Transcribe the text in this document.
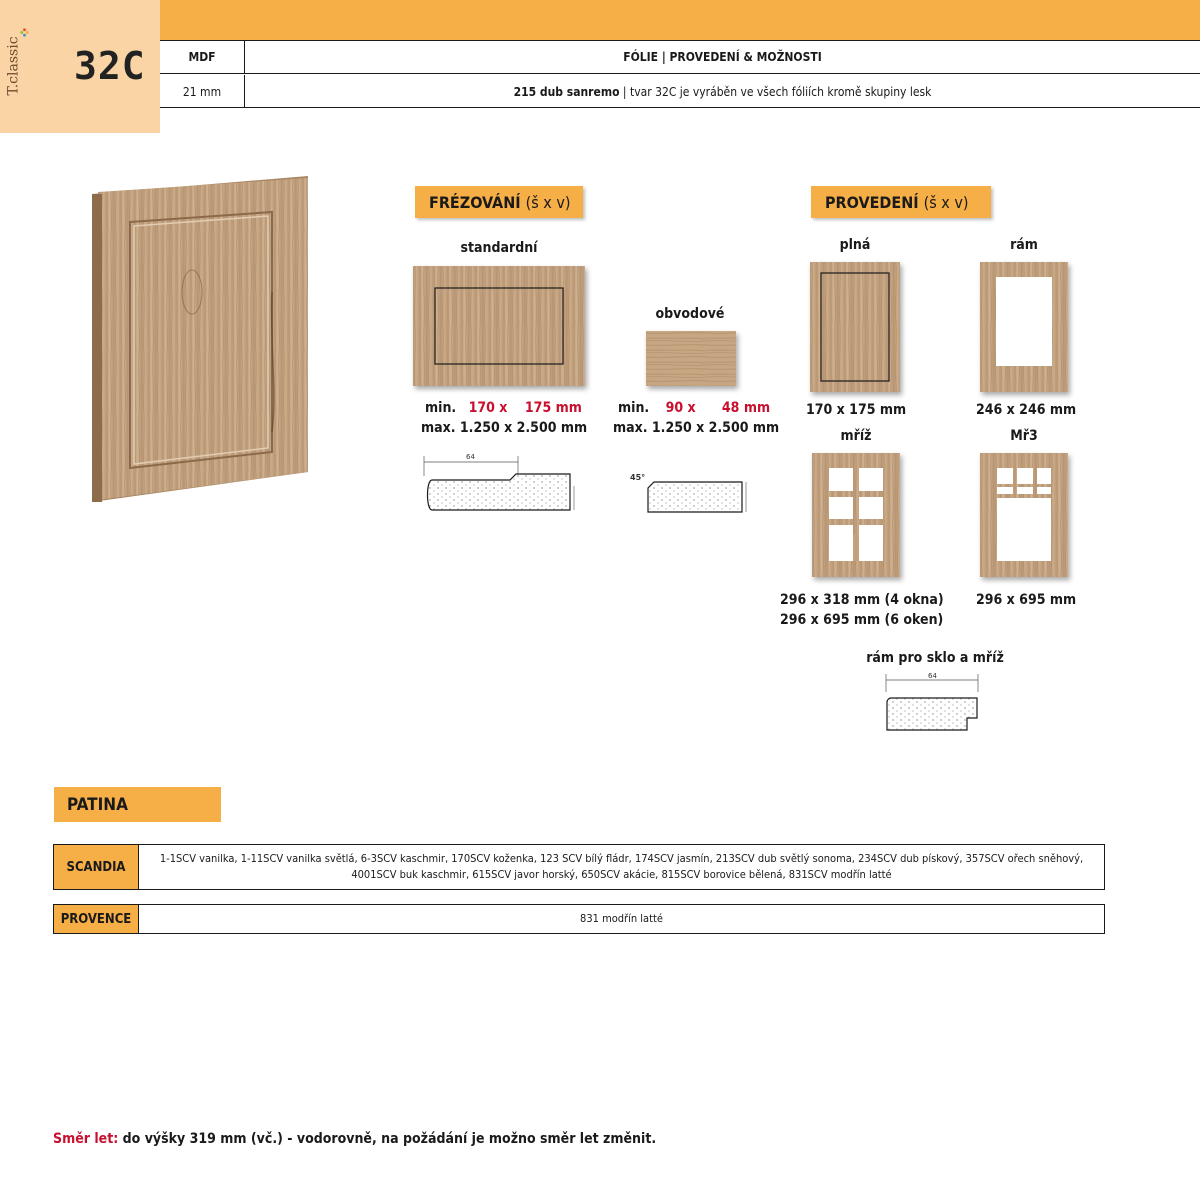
T.classic 32C	MDF	FÓLIE | PROVEDENÍ & MOŽNOSTI
21 mm	215 dub sanremo | tvar 32C je vyráběn ve všech fóliích kromě skupiny lesk
FRÉZOVÁNÍ (š x v)
standardní
min. 170 x    175 mm
max. 1.250 x 2.500 mm
64
obvodové
min. 90 x      48 mm
max. 1.250 x 2.500 mm
45°
PROVEDENÍ (š x v)
plná
170 x 175 mm
rám
246 x 246 mm
mříž
296 x 318 mm (4 okna)
296 x 695 mm (6 oken)
Mř3
296 x 695 mm
rám pro sklo a mříž
64
PATINA
SCANDIA
1-1SCV vanilka, 1-11SCV vanilka světlá, 6-3SCV kaschmir, 170SCV koženka, 123 SCV bílý fládr, 174SCV jasmín, 213SCV dub světlý sonoma, 234SCV dub pískový, 357SCV ořech sněhový,
4001SCV buk kaschmir, 615SCV javor horský, 650SCV akácie, 815SCV borovice bělená, 831SCV modřín latté
PROVENCE	831 modřín latté
Směr let: do výšky 319 mm (vč.) - vodorovně, na požádání je možno směr let změnit.
